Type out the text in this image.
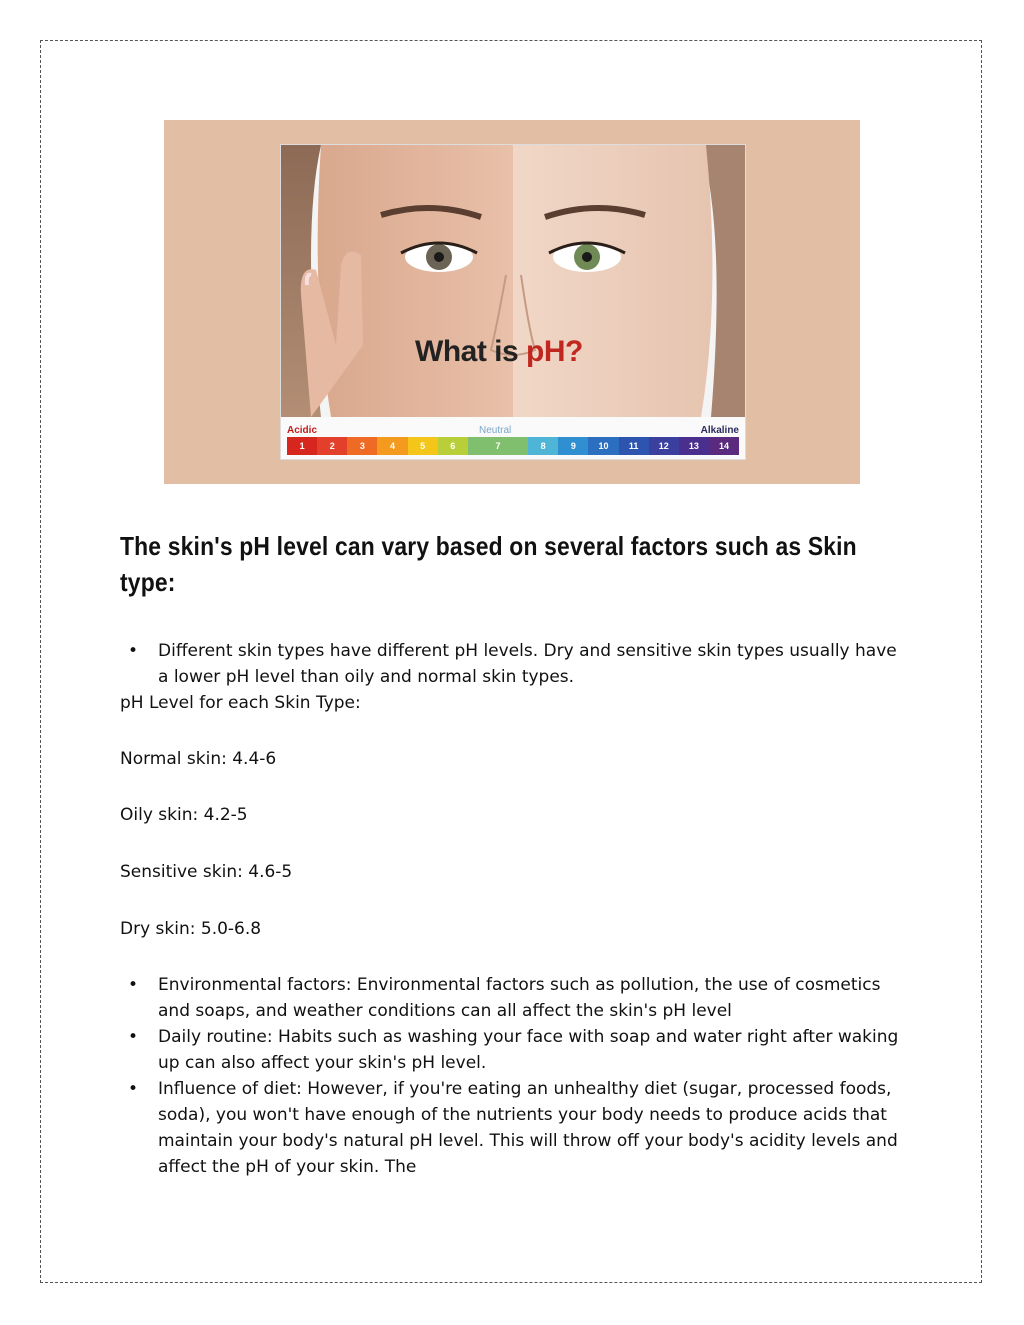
What is pH?
Acidic	Neutral	Alkaline
1	2	3	4	5	6	7	8	9	10	11	12	13	14
The skin's pH level can vary based on several factors such as Skin type:
• Different skin types have different pH levels. Dry and sensitive skin types usually have a lower pH level than oily and normal skin types.

pH Level for each Skin Type:

Normal skin: 4.4-6

Oily skin: 4.2-5

Sensitive skin: 4.6-5

Dry skin: 5.0-6.8

• Environmental factors: Environmental factors such as pollution, the use of cosmetics and soaps, and weather conditions can all affect the skin's pH level
• Daily routine: Habits such as washing your face with soap and water right after waking up can also affect your skin's pH level.
• Influence of diet: However, if you're eating an unhealthy diet (sugar, processed foods, soda), you won't have enough of the nutrients your body needs to produce acids that maintain your body's natural pH level. This will throw off your body's acidity levels and affect the pH of your skin. The
